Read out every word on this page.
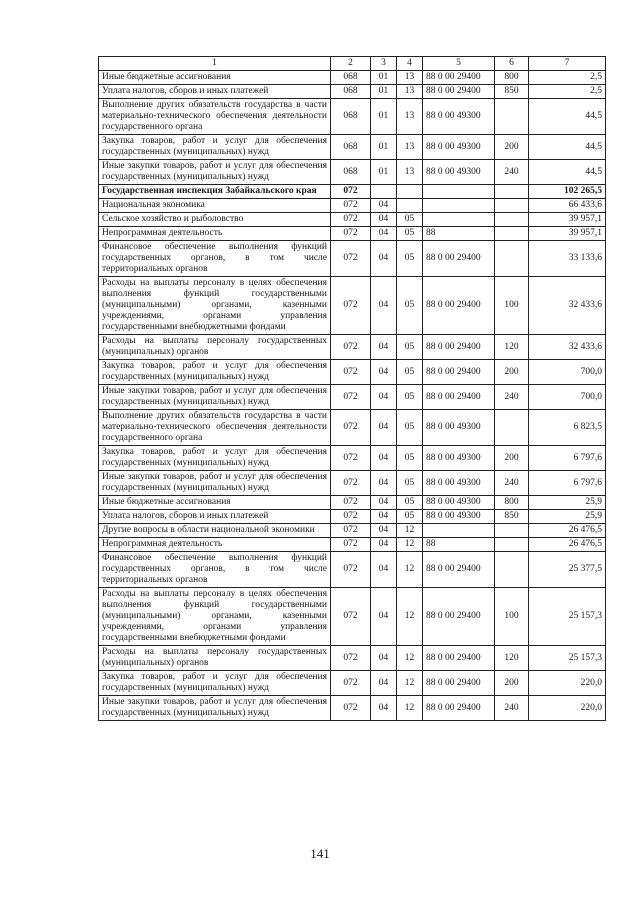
1	2	3	4	5	6	7
Иные бюджетные ассигнования	068	01	13	88 0 00 29400	800	2,5
Уплата налогов, сборов и иных платежей	068	01	13	88 0 00 29400	850	2,5
Выполнение других обязательств государства в части материально-технического обеспечения деятельности государственного органа	068	01	13	88 0 00 49300		44,5
Закупка товаров, работ и услуг для обеспечения государственных (муниципальных) нужд	068	01	13	88 0 00 49300	200	44,5
Иные закупки товаров, работ и услуг для обеспечения государственных (муниципальных) нужд	068	01	13	88 0 00 49300	240	44,5
Государственная инспекция Забайкальского края	072					102 265,5
Национальная экономика	072	04				66 433,6
Сельское хозяйство и рыболовство	072	04	05			39 957,1
Непрограммная деятельность	072	04	05	88		39 957,1
Финансовое обеспечение выполнения функций государственных органов, в том числе территориальных органов	072	04	05	88 0 00 29400		33 133,6
Расходы на выплаты персоналу в целях обеспечения выполнения функций государственными (муниципальными) органами, казенными учреждениями, органами управления государственными внебюджетными фондами	072	04	05	88 0 00 29400	100	32 433,6
Расходы на выплаты персоналу государственных (муниципальных) органов	072	04	05	88 0 00 29400	120	32 433,6
Закупка товаров, работ и услуг для обеспечения государственных (муниципальных) нужд	072	04	05	88 0 00 29400	200	700,0
Иные закупки товаров, работ и услуг для обеспечения государственных (муниципальных) нужд	072	04	05	88 0 00 29400	240	700,0
Выполнение других обязательств государства в части материально-технического обеспечения деятельности государственного органа	072	04	05	88 0 00 49300		6 823,5
Закупка товаров, работ и услуг для обеспечения государственных (муниципальных) нужд	072	04	05	88 0 00 49300	200	6 797,6
Иные закупки товаров, работ и услуг для обеспечения государственных (муниципальных) нужд	072	04	05	88 0 00 49300	240	6 797,6
Иные бюджетные ассигнования	072	04	05	88 0 00 49300	800	25,9
Уплата налогов, сборов и иных платежей	072	04	05	88 0 00 49300	850	25,9
Другие вопросы в области национальной экономики	072	04	12			26 476,5
Непрограммная деятельность	072	04	12	88		26 476,5
Финансовое обеспечение выполнения функций государственных органов, в том числе территориальных органов	072	04	12	88 0 00 29400		25 377,5
Расходы на выплаты персоналу в целях обеспечения выполнения функций государственными (муниципальными) органами, казенными учреждениями, органами управления государственными внебюджетными фондами	072	04	12	88 0 00 29400	100	25 157,3
Расходы на выплаты персоналу государственных (муниципальных) органов	072	04	12	88 0 00 29400	120	25 157,3
Закупка товаров, работ и услуг для обеспечения государственных (муниципальных) нужд	072	04	12	88 0 00 29400	200	220,0
Иные закупки товаров, работ и услуг для обеспечения государственных (муниципальных) нужд	072	04	12	88 0 00 29400	240	220,0
141
